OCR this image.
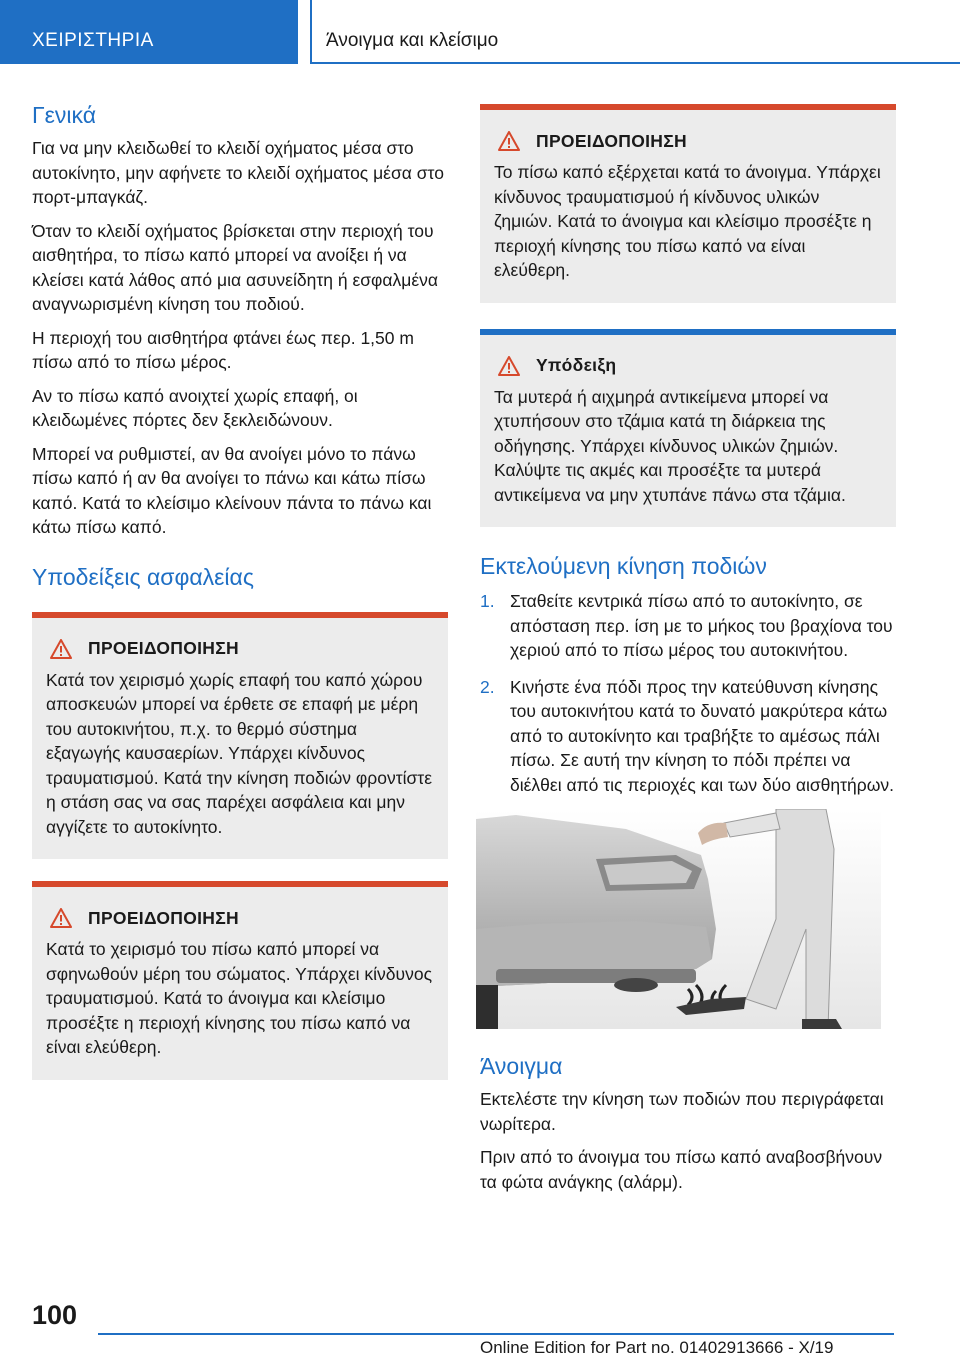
ΧΕΙΡΙΣΤΗΡΙΑ	Άνοιγμα και κλείσιμο
Γενικά

Για να μην κλειδωθεί το κλειδί οχήματος μέσα στο αυτοκίνητο, μην αφήνετε το κλειδί οχήματος μέσα στο πορτ-μπαγκάζ.

Όταν το κλειδί οχήματος βρίσκεται στην περιοχή του αισθητήρα, το πίσω καπό μπορεί να ανοίξει ή να κλείσει κατά λάθος από μια ασυνείδητη ή εσφαλμένα αναγνωρισμένη κίνηση του ποδιού.

Η περιοχή του αισθητήρα φτάνει έως περ. 1,50 m πίσω από το πίσω μέρος.

Αν το πίσω καπό ανοιχτεί χωρίς επαφή, οι κλειδωμένες πόρτες δεν ξεκλειδώνουν.

Μπορεί να ρυθμιστεί, αν θα ανοίγει μόνο το πάνω πίσω καπό ή αν θα ανοίγει το πάνω και κάτω πίσω καπό. Κατά το κλείσιμο κλείνουν πάντα το πάνω και κάτω πίσω καπό.

Υποδείξεις ασφαλείας
ΠΡΟΕΙΔΟΠΟΙΗΣΗ

Κατά τον χειρισμό χωρίς επαφή του καπό χώρου αποσκευών μπορεί να έρθετε σε επαφή με μέρη του αυτοκινήτου, π.χ. το θερμό σύστημα εξαγωγής καυσαερίων. Υπάρχει κίνδυνος τραυματισμού. Κατά την κίνηση ποδιών φροντίστε η στάση σας να σας παρέχει ασφάλεια και μην αγγίζετε το αυτοκίνητο.

ΠΡΟΕΙΔΟΠΟΙΗΣΗ

Κατά το χειρισμό του πίσω καπό μπορεί να σφηνωθούν μέρη του σώματος. Υπάρχει κίνδυνος τραυματισμού. Κατά το άνοιγμα και κλείσιμο προσέξτε η περιοχή κίνησης του πίσω καπό να είναι ελεύθερη.

ΠΡΟΕΙΔΟΠΟΙΗΣΗ

Το πίσω καπό εξέρχεται κατά το άνοιγμα. Υπάρχει κίνδυνος τραυματισμού ή κίνδυνος υλικών ζημιών. Κατά το άνοιγμα και κλείσιμο προσέξτε η περιοχή κίνησης του πίσω καπό να είναι ελεύθερη.

Υπόδειξη

Τα μυτερά ή αιχμηρά αντικείμενα μπορεί να χτυπήσουν στο τζάμια κατά τη διάρκεια της οδήγησης. Υπάρχει κίνδυνος υλικών ζημιών. Καλύψτε τις ακμές και προσέξτε τα μυτερά αντικείμενα να μην χτυπάνε πάνω στα τζάμια.

Εκτελούμενη κίνηση ποδιών
1. Σταθείτε κεντρικά πίσω από το αυτοκίνητο, σε απόσταση περ. ίση με το μήκος του βραχίονα του χεριού από το πίσω μέρος του αυτοκινήτου.
2. Κινήστε ένα πόδι προς την κατεύθυνση κίνησης του αυτοκινήτου κατά το δυνατό μακρύτερα κάτω από το αυτοκίνητο και τραβήξτε το αμέσως πάλι πίσω. Σε αυτή την κίνηση το πόδι πρέπει να διέλθει από τις περιοχές και των δύο αισθητήρων.
Άνοιγμα

Εκτελέστε την κίνηση των ποδιών που περιγράφεται νωρίτερα.

Πριν από το άνοιγμα του πίσω καπό αναβοσβήνουν τα φώτα ανάγκης (αλάρμ).

100
Online Edition for Part no. 01402913666 - X/19
